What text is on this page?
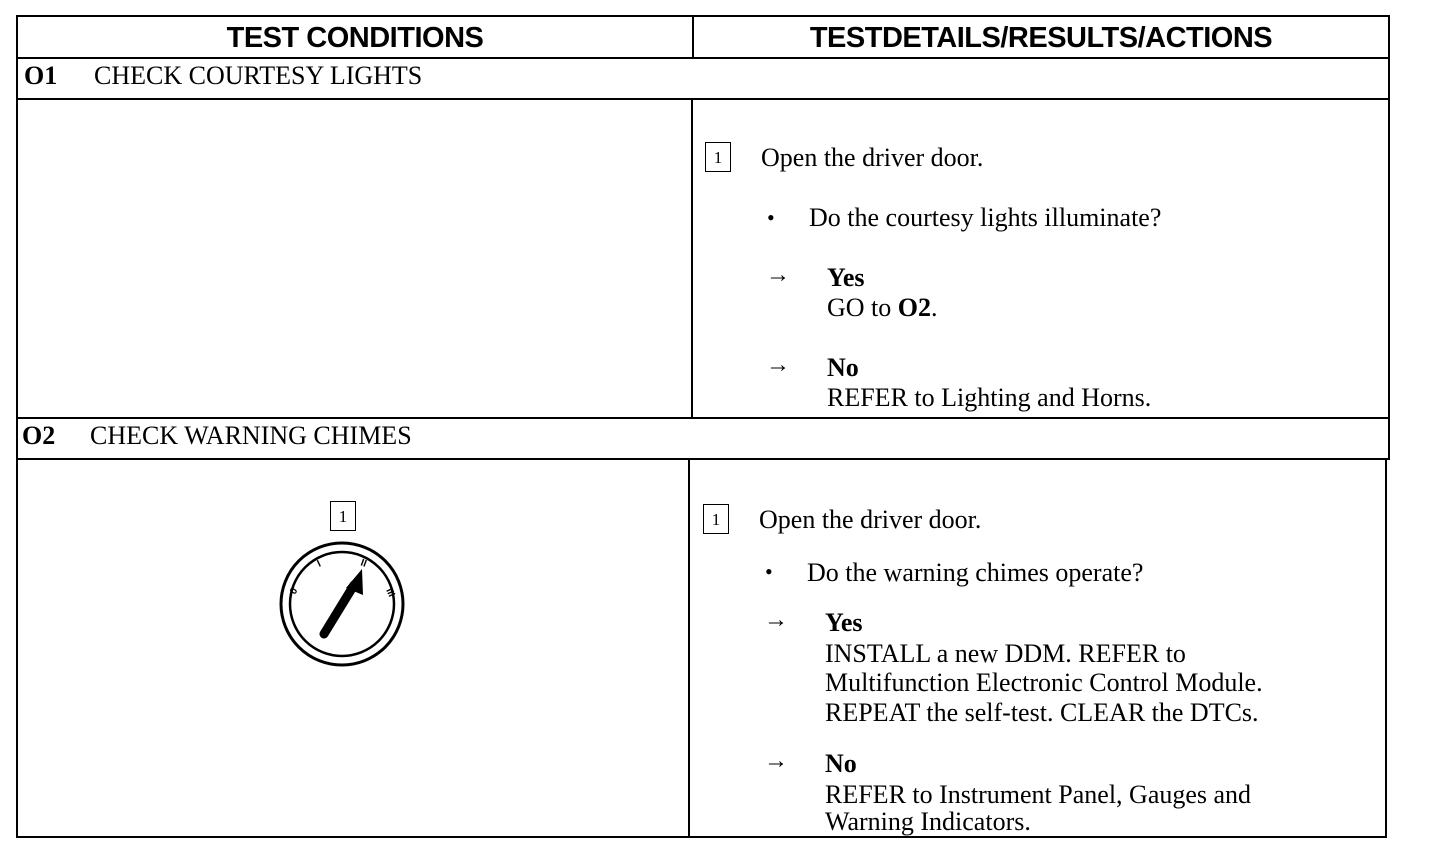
TEST CONDITIONS	TESTDETAILS/RESULTS/ACTIONS
O1 CHECK COURTESY LIGHTS
1	Open the driver door.
• Do the courtesy lights illuminate?
→ Yes
GO to O2.
→ No
REFER to Lighting and Horns.
O2 CHECK WARNING CHIMES
1
0
I	II
III
1	Open the driver door.
• Do the warning chimes operate?
→ Yes
INSTALL a new DDM. REFER to
Multifunction Electronic Control Module.
REPEAT the self-test. CLEAR the DTCs.
→ No
REFER to Instrument Panel, Gauges and
Warning Indicators.
